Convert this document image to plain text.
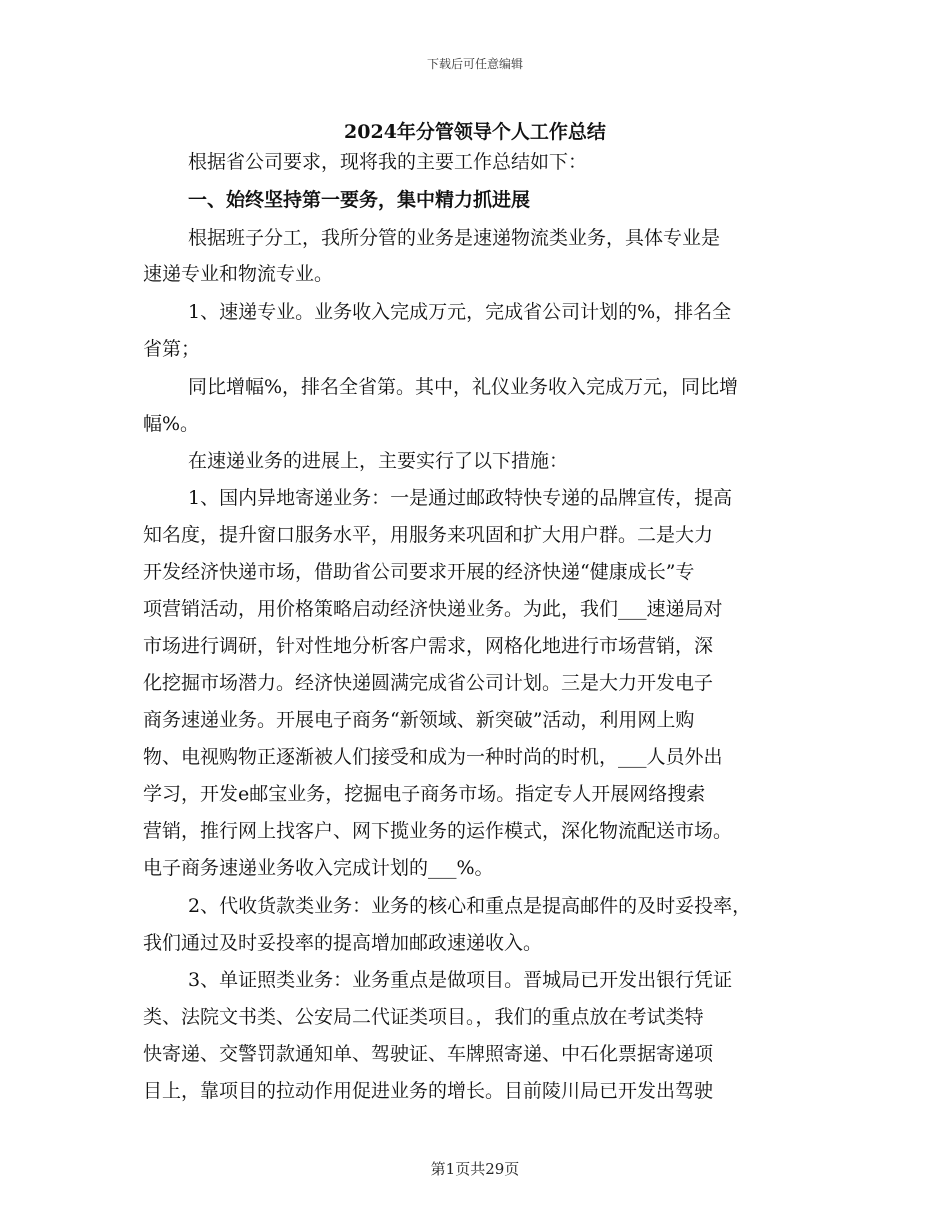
下载后可任意编辑
2024年分管领导个人工作总结
根据省公司要求，现将我的主要工作总结如下：
一、始终坚持第一要务，集中精力抓进展
根据班子分工，我所分管的业务是速递物流类业务，具体专业是
速递专业和物流专业。
1、速递专业。业务收入完成万元，完成省公司计划的%，排名全
省第；
同比增幅%，排名全省第。其中，礼仪业务收入完成万元，同比增
幅%。
在速递业务的进展上，主要实行了以下措施：
1、国内异地寄递业务：一是通过邮政特快专递的品牌宣传，提高
知名度，提升窗口服务水平，用服务来巩固和扩大用户群。二是大力
开发经济快递市场，借助省公司要求开展的经济快递“健康成长”专
项营销活动，用价格策略启动经济快递业务。为此，我们___速递局对
市场进行调研，针对性地分析客户需求，网格化地进行市场营销，深
化挖掘市场潜力。经济快递圆满完成省公司计划。三是大力开发电子
商务速递业务。开展电子商务“新领域、新突破”活动，利用网上购
物、电视购物正逐渐被人们接受和成为一种时尚的时机，___人员外出
学习，开发e邮宝业务，挖掘电子商务市场。指定专人开展网络搜索
营销，推行网上找客户、网下揽业务的运作模式，深化物流配送市场。
电子商务速递业务收入完成计划的___%。
2、代收货款类业务：业务的核心和重点是提高邮件的及时妥投率，
我们通过及时妥投率的提高增加邮政速递收入。
3、单证照类业务：业务重点是做项目。晋城局已开发出银行凭证
类、法院文书类、公安局二代证类项目。，我们的重点放在考试类特
快寄递、交警罚款通知单、驾驶证、车牌照寄递、中石化票据寄递项
目上，靠项目的拉动作用促进业务的增长。目前陵川局已开发出驾驶
第1页共29页
